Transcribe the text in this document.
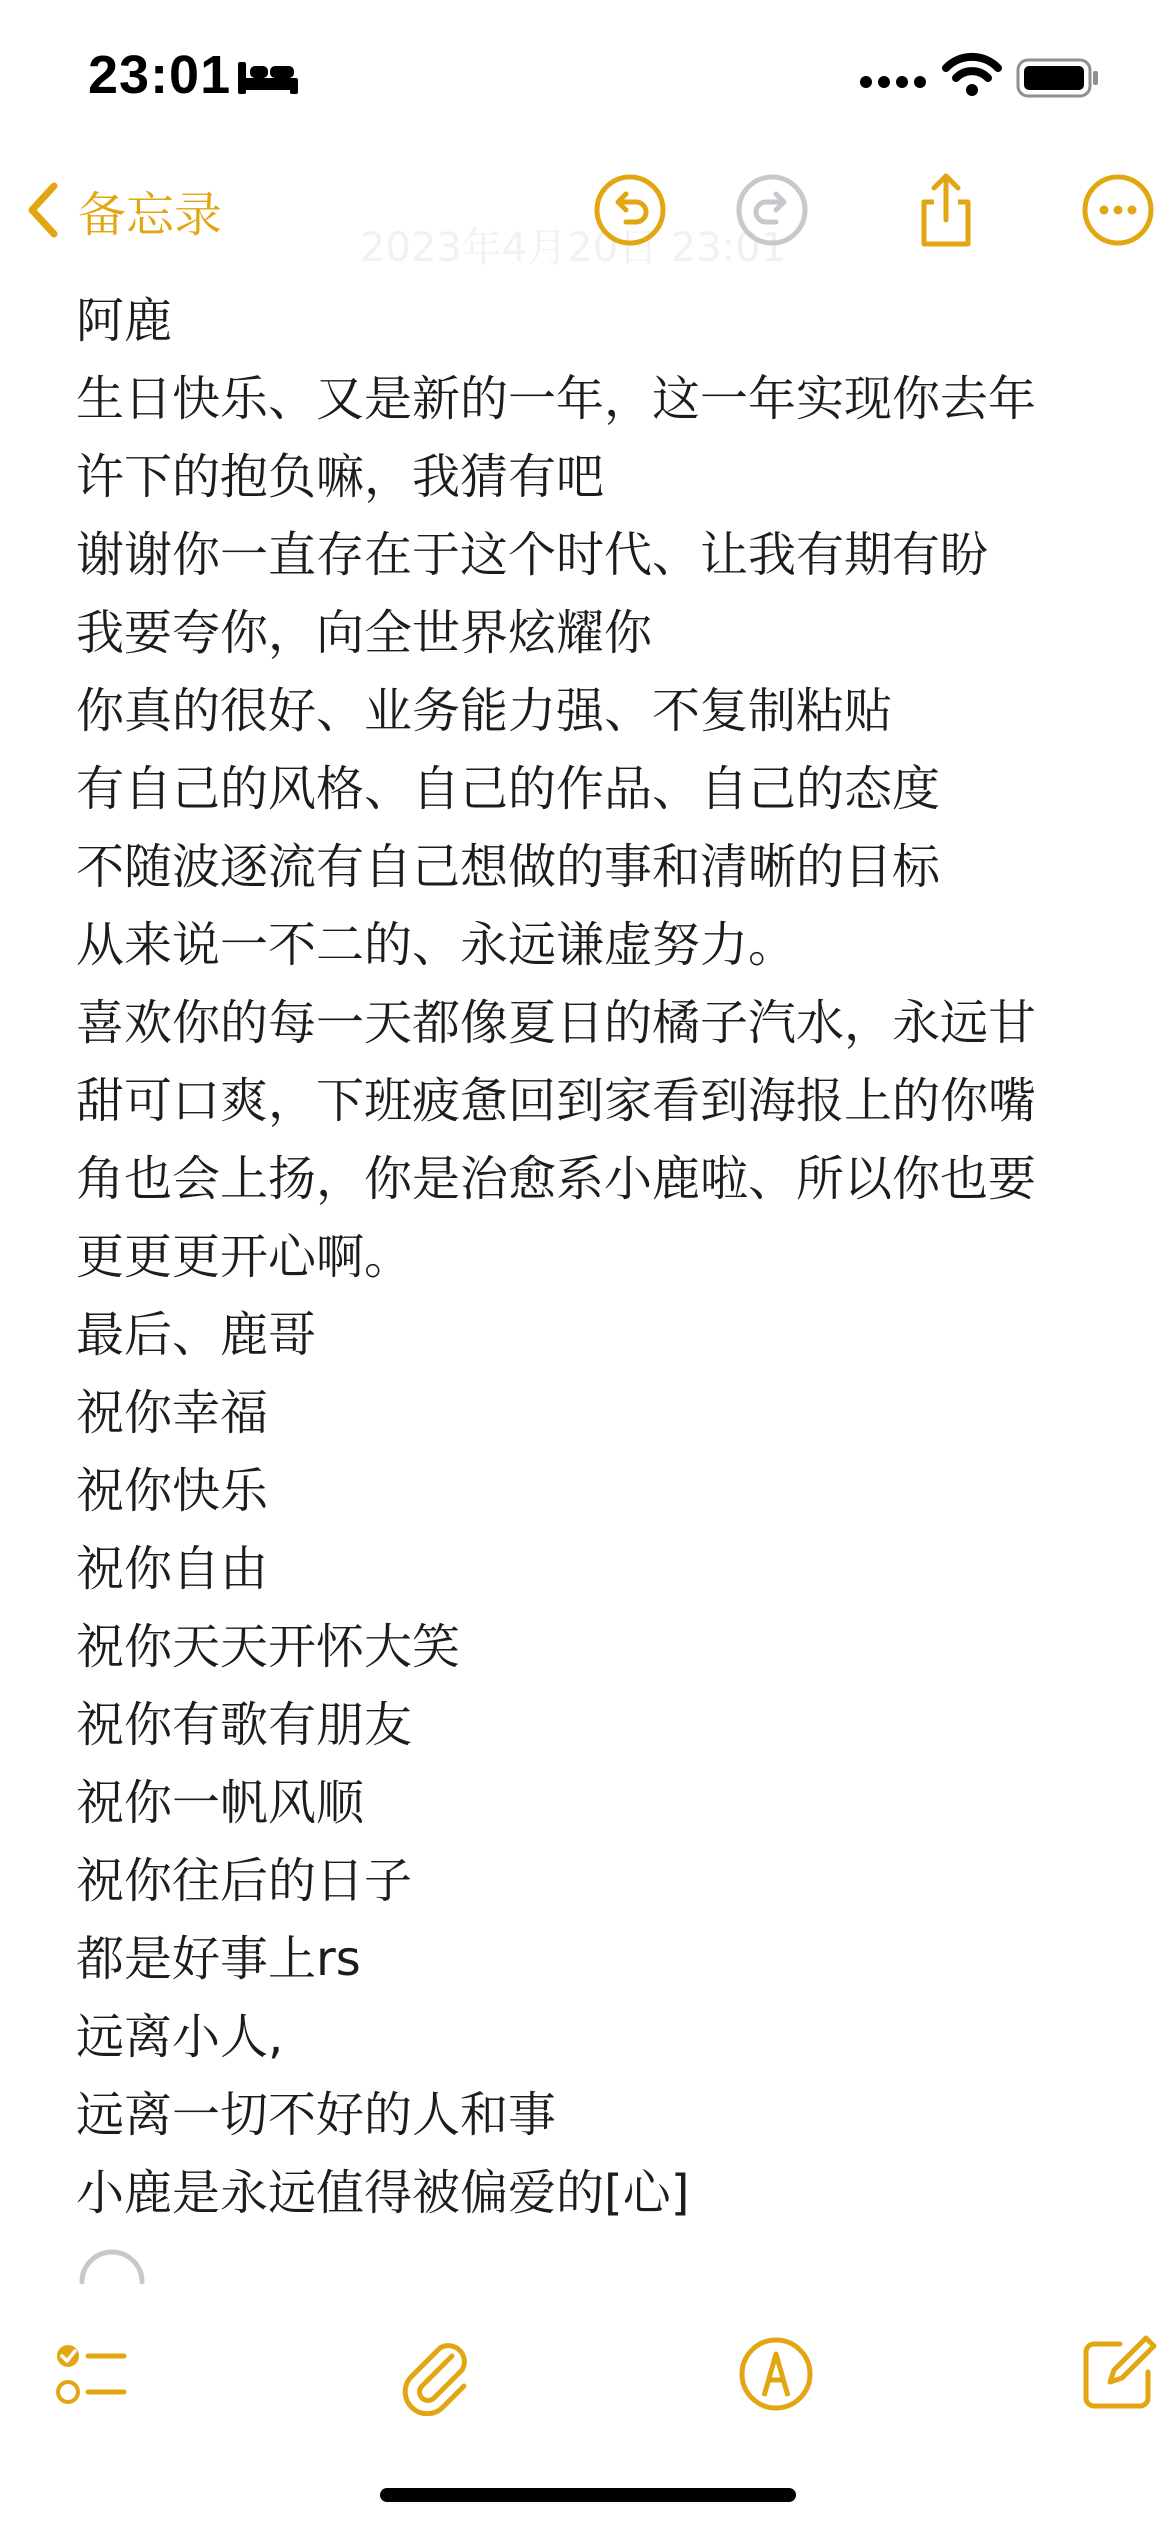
23:01
备忘录
2023年4月20日 23:01
阿鹿
生日快乐、又是新的一年，这一年实现你去年
许下的抱负嘛，我猜有吧
谢谢你一直存在于这个时代、让我有期有盼
我要夸你，向全世界炫耀你
你真的很好、业务能力强、不复制粘贴
有自己的风格、自己的作品、自己的态度
不随波逐流有自己想做的事和清晰的目标
从来说一不二的、永远谦虚努力。
喜欢你的每一天都像夏日的橘子汽水，永远甘
甜可口爽，下班疲惫回到家看到海报上的你嘴
角也会上扬，你是治愈系小鹿啦、所以你也要
更更更开心啊。
最后、鹿哥
祝你幸福
祝你快乐
祝你自由
祝你天天开怀大笑
祝你有歌有朋友
祝你一帆风顺
祝你往后的日子
都是好事上rs
远离小人,
远离一切不好的人和事
小鹿是永远值得被偏爱的[心]
